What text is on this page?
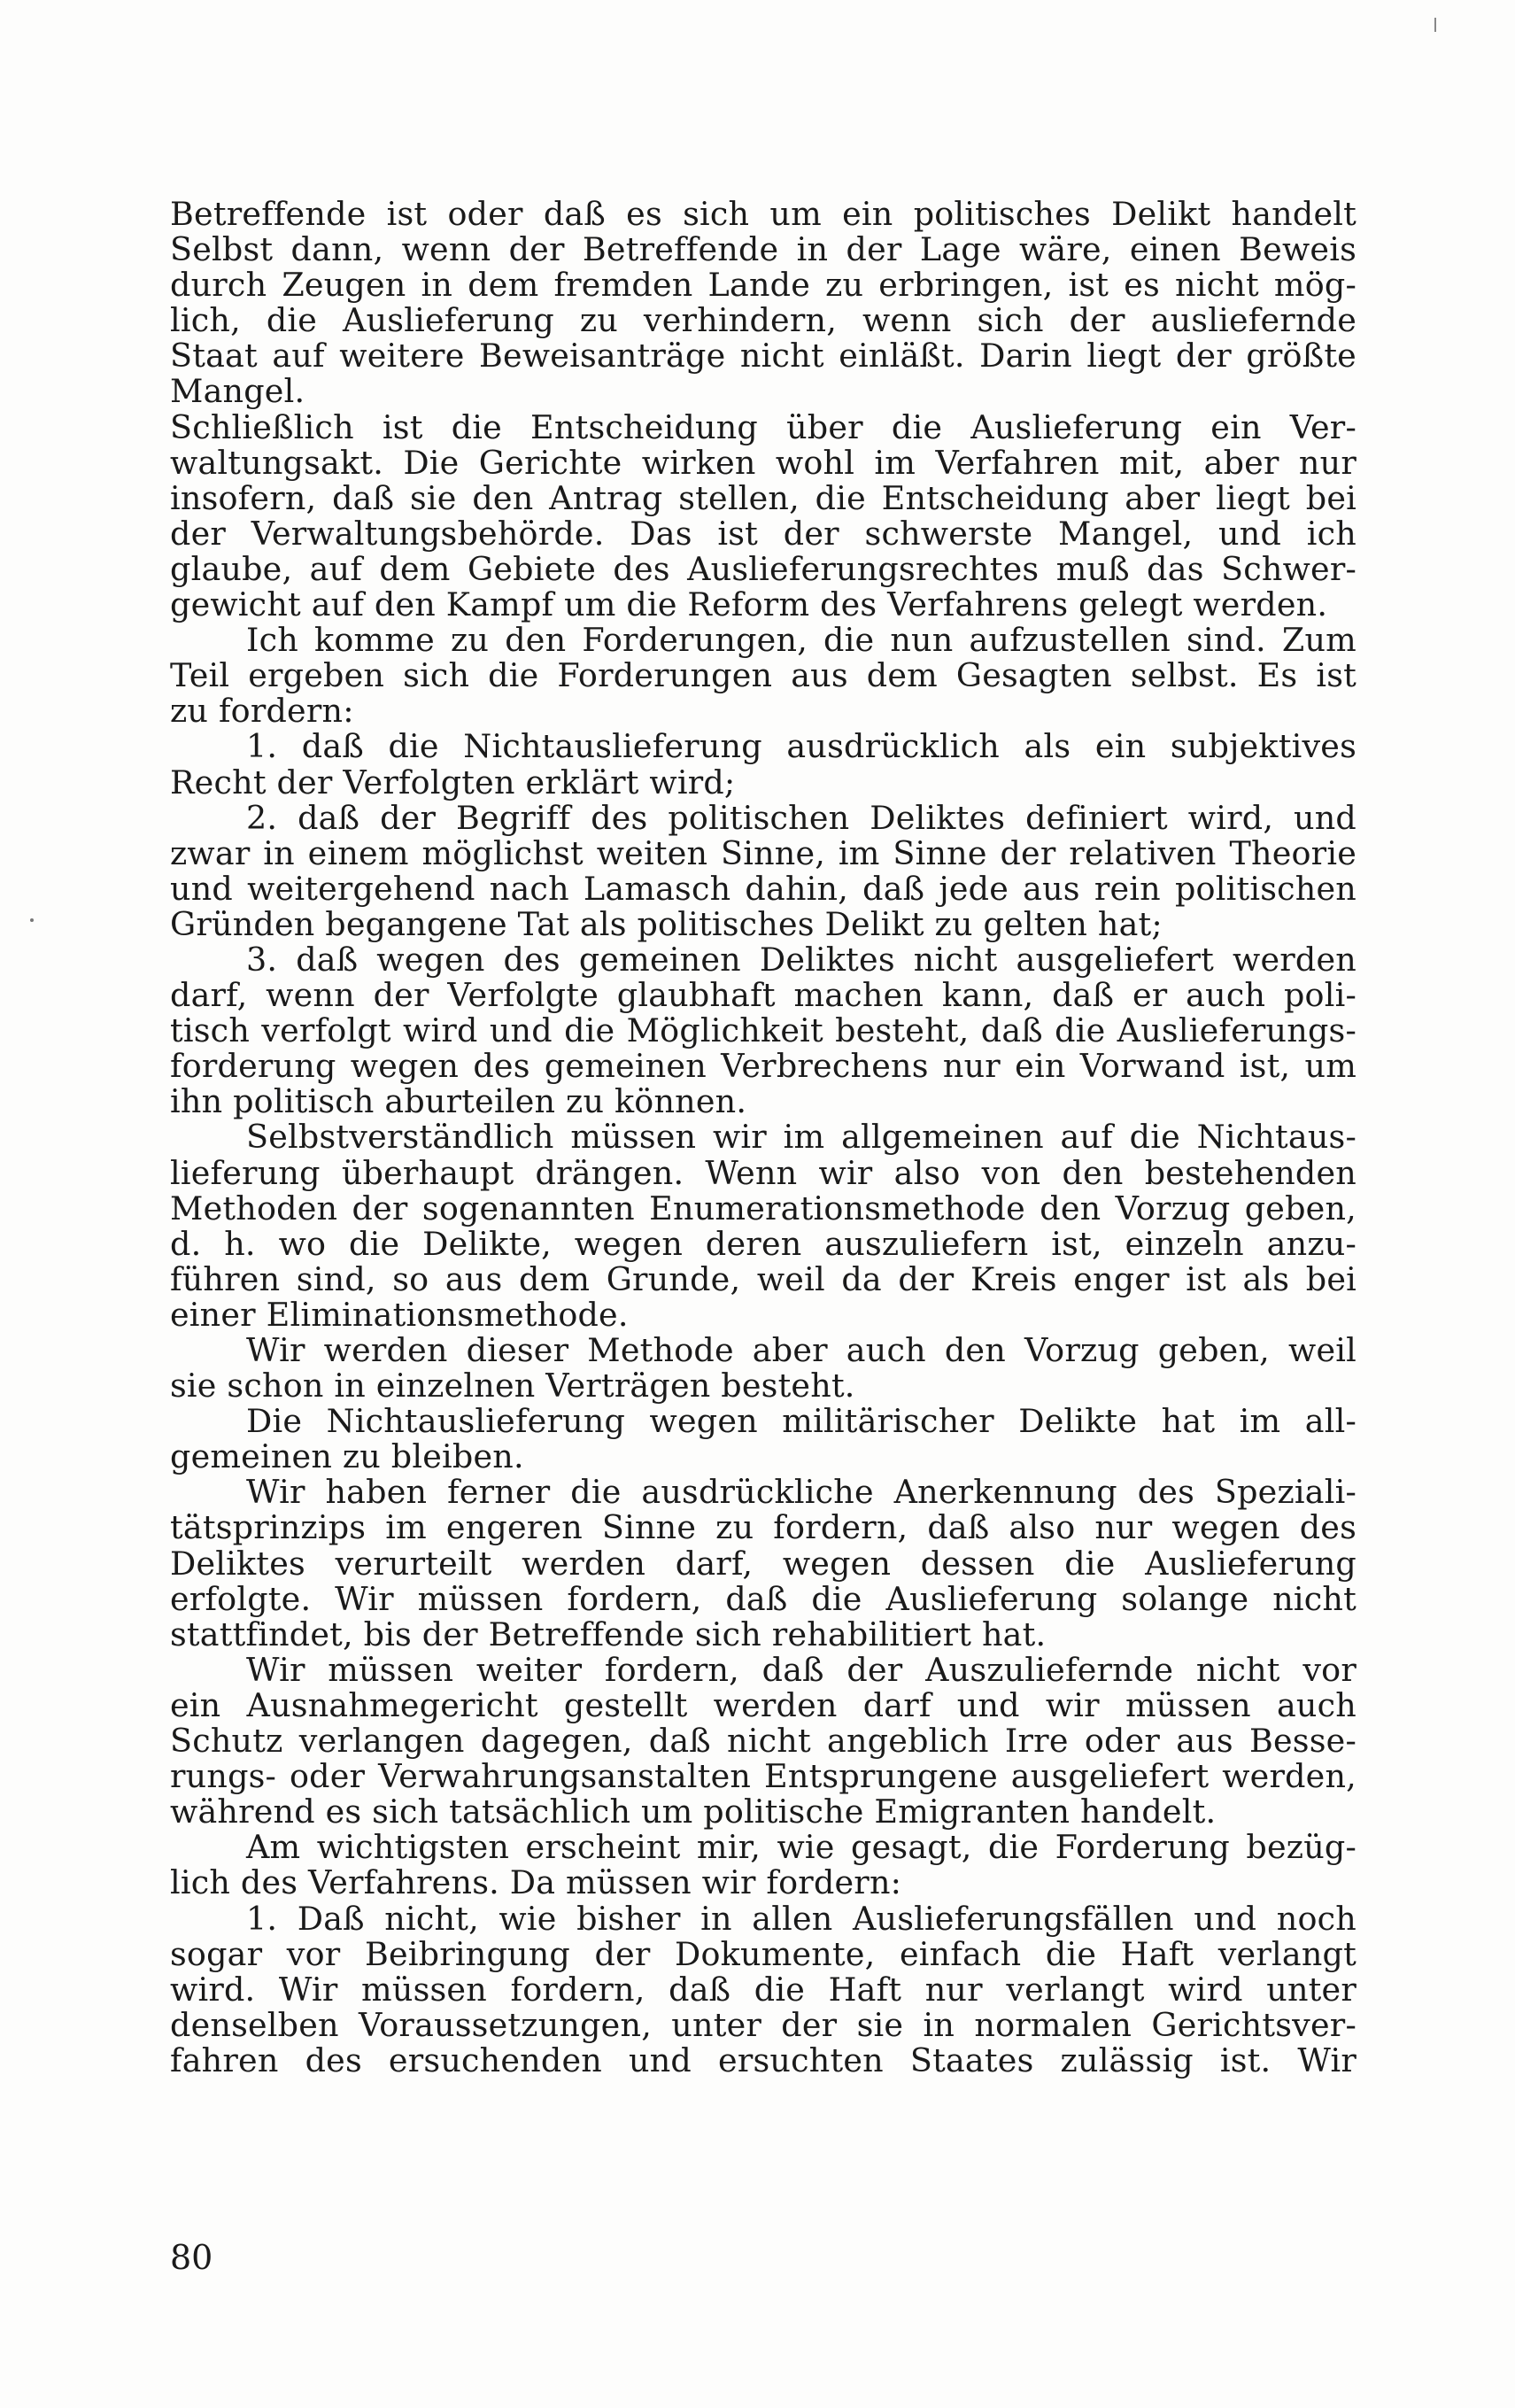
Betreffende ist oder daß es sich um ein politisches Delikt handelt
Selbst dann, wenn der Betreffende in der Lage wäre, einen Beweis
durch Zeugen in dem fremden Lande zu erbringen, ist es nicht mög-
lich, die Auslieferung zu verhindern, wenn sich der ausliefernde
Staat auf weitere Beweisanträge nicht einläßt. Darin liegt der größte
Mangel.
Schließlich ist die Entscheidung über die Auslieferung ein Ver-
waltungsakt. Die Gerichte wirken wohl im Verfahren mit, aber nur
insofern, daß sie den Antrag stellen, die Entscheidung aber liegt bei
der Verwaltungsbehörde. Das ist der schwerste Mangel, und ich
glaube, auf dem Gebiete des Auslieferungsrechtes muß das Schwer-
gewicht auf den Kampf um die Reform des Verfahrens gelegt werden.
Ich komme zu den Forderungen, die nun aufzustellen sind. Zum
Teil ergeben sich die Forderungen aus dem Gesagten selbst. Es ist
zu fordern:
1. daß die Nichtauslieferung ausdrücklich als ein subjektives
Recht der Verfolgten erklärt wird;
2. daß der Begriff des politischen Deliktes definiert wird, und
zwar in einem möglichst weiten Sinne, im Sinne der relativen Theorie
und weitergehend nach Lamasch dahin, daß jede aus rein politischen
Gründen begangene Tat als politisches Delikt zu gelten hat;
3. daß wegen des gemeinen Deliktes nicht ausgeliefert werden
darf, wenn der Verfolgte glaubhaft machen kann, daß er auch poli-
tisch verfolgt wird und die Möglichkeit besteht, daß die Auslieferungs-
forderung wegen des gemeinen Verbrechens nur ein Vorwand ist, um
ihn politisch aburteilen zu können.
Selbstverständlich müssen wir im allgemeinen auf die Nichtaus-
lieferung überhaupt drängen. Wenn wir also von den bestehenden
Methoden der sogenannten Enumerationsmethode den Vorzug geben,
d. h. wo die Delikte, wegen deren auszuliefern ist, einzeln anzu-
führen sind, so aus dem Grunde, weil da der Kreis enger ist als bei
einer Eliminationsmethode.
Wir werden dieser Methode aber auch den Vorzug geben, weil
sie schon in einzelnen Verträgen besteht.
Die Nichtauslieferung wegen militärischer Delikte hat im all-
gemeinen zu bleiben.
Wir haben ferner die ausdrückliche Anerkennung des Speziali-
tätsprinzips im engeren Sinne zu fordern, daß also nur wegen des
Deliktes verurteilt werden darf, wegen dessen die Auslieferung
erfolgte. Wir müssen fordern, daß die Auslieferung solange nicht
stattfindet, bis der Betreffende sich rehabilitiert hat.
Wir müssen weiter fordern, daß der Auszuliefernde nicht vor
ein Ausnahmegericht gestellt werden darf und wir müssen auch
Schutz verlangen dagegen, daß nicht angeblich Irre oder aus Besse-
rungs- oder Verwahrungsanstalten Entsprungene ausgeliefert werden,
während es sich tatsächlich um politische Emigranten handelt.
Am wichtigsten erscheint mir, wie gesagt, die Forderung bezüg-
lich des Verfahrens. Da müssen wir fordern:
1. Daß nicht, wie bisher in allen Auslieferungsfällen und noch
sogar vor Beibringung der Dokumente, einfach die Haft verlangt
wird. Wir müssen fordern, daß die Haft nur verlangt wird unter
denselben Voraussetzungen, unter der sie in normalen Gerichtsver-
fahren des ersuchenden und ersuchten Staates zulässig ist. Wir
80
